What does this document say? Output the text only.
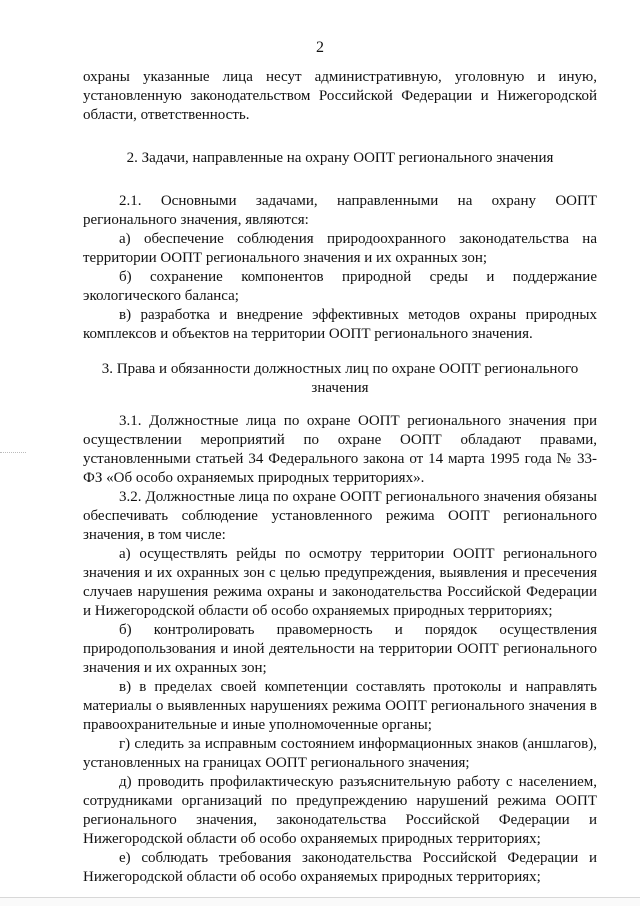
2

охраны указанные лица несут административную, уголовную и иную, установленную законодательством Российской Федерации и Нижегородской области, ответственность.

2. Задачи, направленные на охрану ООПТ регионального значения

2.1. Основными задачами, направленными на охрану ООПТ регионального значения, являются:

а) обеспечение соблюдения природоохранного законодательства на территории ООПТ регионального значения и их охранных зон;

б) сохранение компонентов природной среды и поддержание экологического баланса;

в) разработка и внедрение эффективных методов охраны природных комплексов и объектов на территории ООПТ регионального значения.

3. Права и обязанности должностных лиц по охране ООПТ регионального значения

3.1. Должностные лица по охране ООПТ регионального значения при осуществлении мероприятий по охране ООПТ обладают правами, установленными статьей 34 Федерального закона от 14 марта 1995 года № 33-ФЗ «Об особо охраняемых природных территориях».

3.2. Должностные лица по охране ООПТ регионального значения обязаны обеспечивать соблюдение установленного режима ООПТ регионального значения, в том числе:

а) осуществлять рейды по осмотру территории ООПТ регионального значения и их охранных зон с целью предупреждения, выявления и пресечения случаев нарушения режима охраны и законодательства Российской Федерации и Нижегородской области об особо охраняемых природных территориях;

б) контролировать правомерность и порядок осуществления природопользования и иной деятельности на территории ООПТ регионального значения и их охранных зон;

в) в пределах своей компетенции составлять протоколы и направлять материалы о выявленных нарушениях режима ООПТ регионального значения в правоохранительные и иные уполномоченные органы;

г) следить за исправным состоянием информационных знаков (аншлагов), установленных на границах ООПТ регионального значения;

д) проводить профилактическую разъяснительную работу с населением, сотрудниками организаций по предупреждению нарушений режима ООПТ регионального значения, законодательства Российской Федерации и Нижегородской области об особо охраняемых природных территориях;

е) соблюдать требования законодательства Российской Федерации и Нижегородской области об особо охраняемых природных территориях;
